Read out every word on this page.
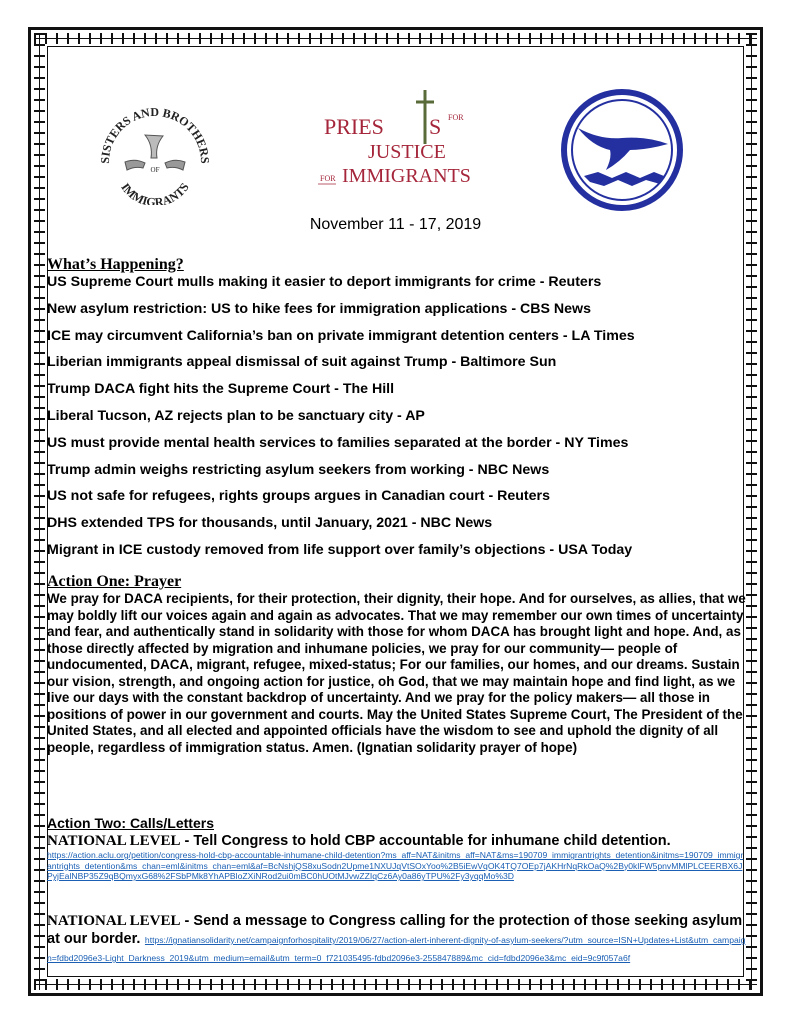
SISTERS AND BROTHERS
IMMIGRANTS
OF
PRIES S FOR
JUSTICE
FOR IMMIGRANTS
November 11 - 17, 2019
What’s Happening?
US Supreme Court mulls making it easier to deport immigrants for crime - Reuters
New asylum restriction: US to hike fees for immigration applications - CBS News
ICE may circumvent California’s ban on private immigrant detention centers - LA Times
Liberian immigrants appeal dismissal of suit against Trump - Baltimore Sun
Trump DACA fight hits the Supreme Court - The Hill
Liberal Tucson, AZ rejects plan to be sanctuary city - AP
US must provide mental health services to families separated at the border - NY Times
Trump admin weighs restricting asylum seekers from working - NBC News
US not safe for refugees, rights groups argues in Canadian court - Reuters
DHS extended TPS for thousands, until January, 2021 - NBC News
Migrant in ICE custody removed from life support over family’s objections - USA Today
Action One: Prayer

We pray for DACA recipients, for their protection, their dignity, their hope. And for ourselves, as allies, that we may boldly lift our voices again and again as advocates. That we may remember our own times of uncertainty and fear, and authentically stand in solidarity with those for whom DACA has brought light and hope. And, as those directly affected by migration and inhumane policies, we pray for our community— people of undocumented, DACA, migrant, refugee, mixed-status; For our families, our homes, and our dreams. Sustain our vision, strength, and ongoing action for justice, oh God, that we may maintain hope and find light, as we live our days with the constant backdrop of uncertainty. And we pray for the policy makers— all those in positions of power in our government and courts. May the United States Supreme Court, The President of the United States, and all elected and appointed officials have the wisdom to see and uphold the dignity of all people, regardless of immigration status. Amen. (Ignatian solidarity prayer of hope)

Action Two: Calls/Letters
NATIONAL LEVEL - Tell Congress to hold CBP accountable for inhumane child detention.
https://action.aclu.org/petition/congress-hold-cbp-accountable-inhumane-child-detention?ms_aff=NAT&initms_aff=NAT&ms=190709_immigrantrights_detention&initms=190709_immigrantrights_detention&ms_chan=eml&initms_chan=eml&af=BcNshjQS8xuSodn2Upme1NXUJqVtSOxYoo%2B5iEwVqOK4TQ7OEp7jAKHrNqRkOaQ%2By0klFW5pnvMMlPLCEERBX6JPyjEalNBP35Z9qBQmyxG68%2FSbPMk8YhAPBloZXiNRod2ui0mBC0hUOtMJvwZZIqCz6Ay0a86yTPU%2Fy3yqqMo%3D
NATIONAL LEVEL - Send a message to Congress calling for the protection of those seeking asylum at our border. https://ignatiansolidarity.net/campaignforhospitality/2019/06/27/action-alert-inherent-dignity-of-asylum-seekers/?utm_source=ISN+Updates+List&utm_campaign=fdbd2096e3-Light_Darkness_2019&utm_medium=email&utm_term=0_f721035495-fdbd2096e3-255847889&mc_cid=fdbd2096e3&mc_eid=9c9f057a6f
